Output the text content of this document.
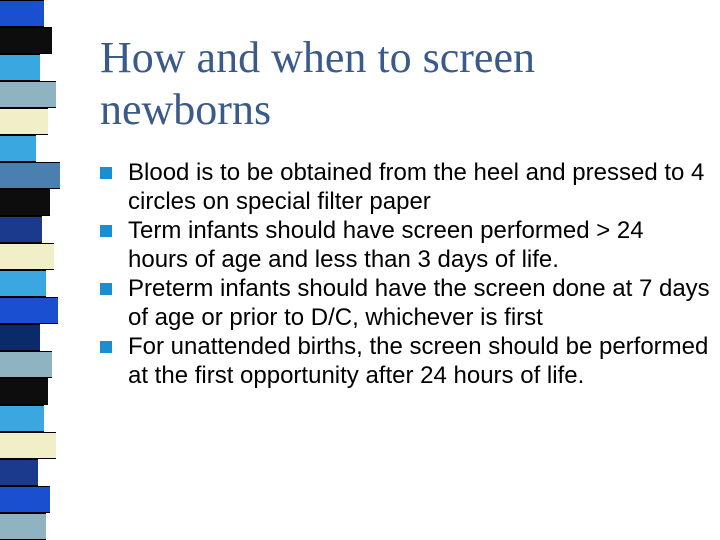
How and when to screen newborns
Blood is to be obtained from the heel and pressed to 4 circles on special filter paper
Term infants should have screen performed > 24 hours of age and less than 3 days of life.
Preterm infants should have the screen done at 7 days of age or prior to D/C, whichever is first
For unattended births, the screen should be performed at the first opportunity after 24 hours of life.
